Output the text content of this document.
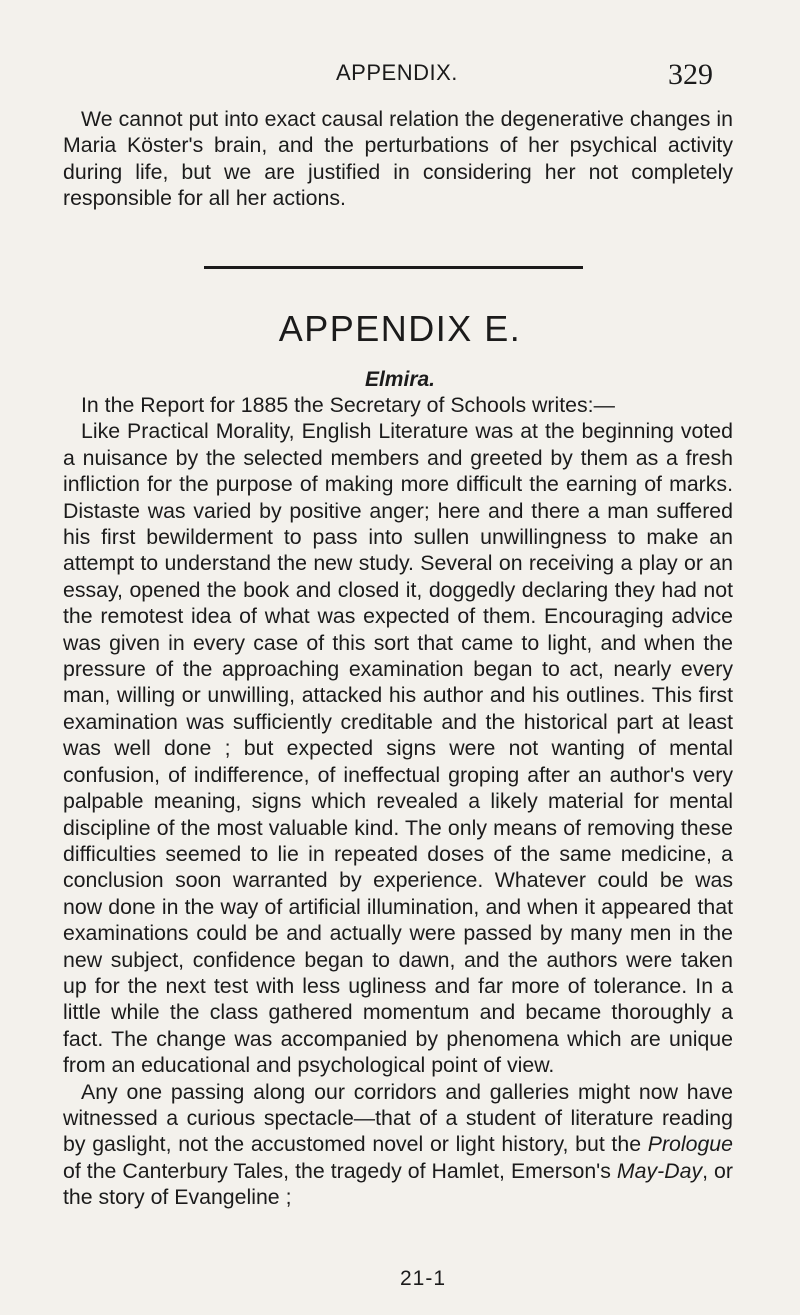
APPENDIX.	329

We cannot put into exact causal relation the degenerative changes in Maria Köster's brain, and the perturbations of her psychical activity during life, but we are justified in considering her not completely responsible for all her actions.

APPENDIX E.
Elmira.

In the Report for 1885 the Secretary of Schools writes:—

Like Practical Morality, English Literature was at the beginning voted a nuisance by the selected members and greeted by them as a fresh infliction for the purpose of making more difficult the earning of marks. Distaste was varied by positive anger; here and there a man suffered his first bewilderment to pass into sullen unwillingness to make an attempt to understand the new study. Several on receiving a play or an essay, opened the book and closed it, doggedly declaring they had not the remotest idea of what was expected of them. Encouraging advice was given in every case of this sort that came to light, and when the pressure of the approaching examination began to act, nearly every man, willing or unwilling, attacked his author and his outlines. This first examination was sufficiently creditable and the historical part at least was well done ; but expected signs were not wanting of mental confusion, of indifference, of ineffectual groping after an author's very palpable meaning, signs which revealed a likely material for mental discipline of the most valuable kind. The only means of removing these difficulties seemed to lie in repeated doses of the same medicine, a conclusion soon warranted by experience. Whatever could be was now done in the way of artificial illumination, and when it appeared that examinations could be and actually were passed by many men in the new subject, confidence began to dawn, and the authors were taken up for the next test with less ugliness and far more of tolerance. In a little while the class gathered momentum and became thoroughly a fact. The change was accompanied by phenomena which are unique from an educational and psychological point of view.

Any one passing along our corridors and galleries might now have witnessed a curious spectacle—that of a student of literature reading by gaslight, not the accustomed novel or light history, but the Prologue of the Canterbury Tales, the tragedy of Hamlet, Emerson's May-Day, or the story of Evangeline ;

21-1
